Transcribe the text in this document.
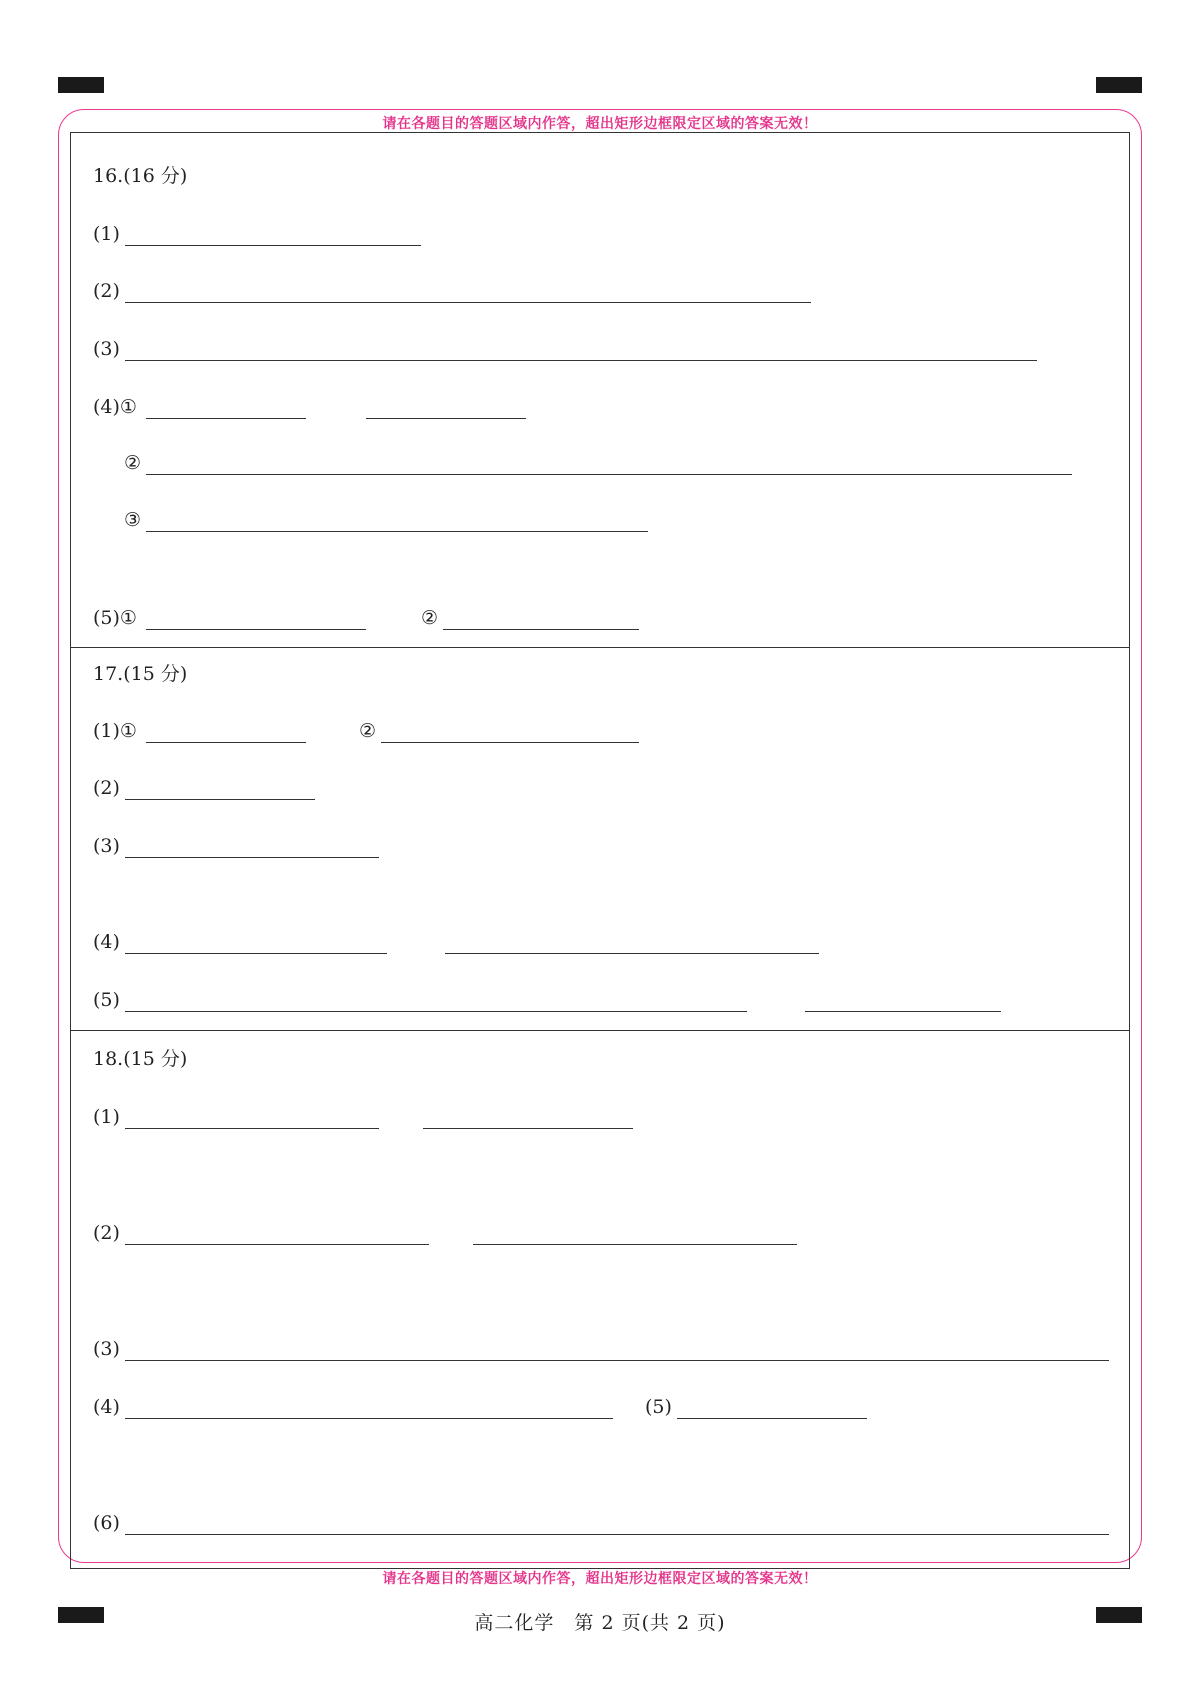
请在各题目的答题区域内作答，超出矩形边框限定区域的答案无效！
请在各题目的答题区域内作答，超出矩形边框限定区域的答案无效！
16.(16 分)
(1)
(2)
(3)
(4)①
②
③
(5)①	②
17.(15 分)
(1)①	②
(2)
(3)
(4)
(5)
18.(15 分)
(1)
(2)
(3)
(4)	(5)
(6)
高二化学　第 2 页(共 2 页)
